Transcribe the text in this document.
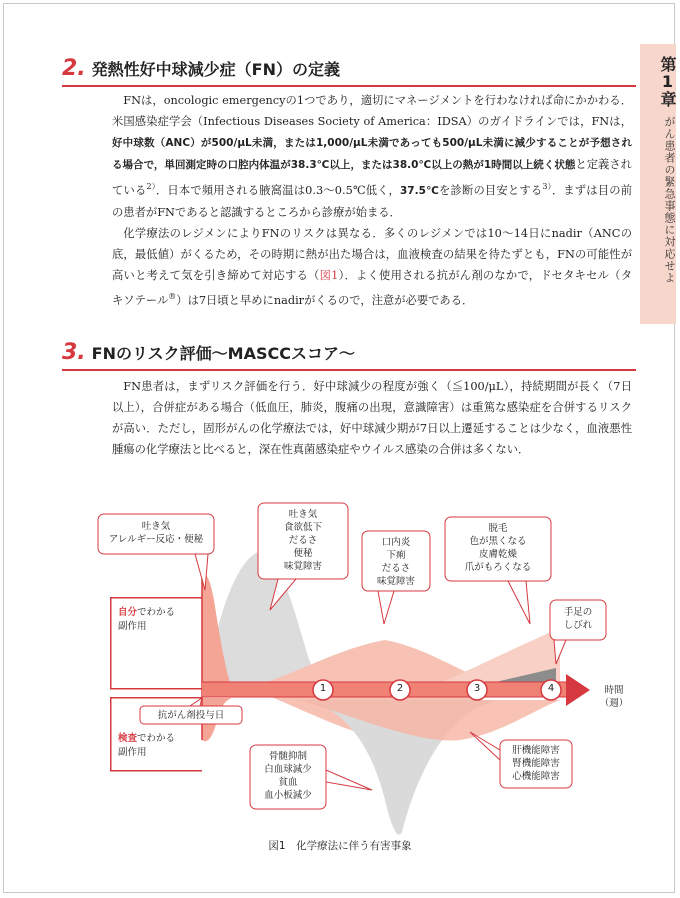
第1章
がん患者の緊急事態に対応せよ
2. 発熱性好中球減少症（FN）の定義

FNは，oncologic emergencyの1つであり，適切にマネージメントを行わなければ命にかかわる．米国感染症学会（Infectious Diseases Society of America：IDSA）のガイドラインでは，FNは，好中球数（ANC）が500/μL未満，または1,000/μL未満であっても500/μL未満に減少することが予想される場合で，単回測定時の口腔内体温が38.3℃以上，または38.0℃以上の熱が1時間以上続く状態と定義されている$^{2)}$．日本で頻用される腋窩温は0.3〜0.5℃低く，37.5℃を診断の目安とする$^{3)}$．まずは目の前の患者がFNであると認識するところから診療が始まる．

化学療法のレジメンによりFNのリスクは異なる．多くのレジメンでは10〜14日にnadir（ANCの底，最低値）がくるため，その時期に熱が出た場合は，血液検査の結果を待たずとも，FNの可能性が高いと考えて気を引き締めて対応する（図1）．よく使用される抗がん剤のなかで，ドセタキセル（タキソテール®）は7日頃と早めにnadirがくるので，注意が必要である．

3. FNのリスク評価〜MASCCスコア〜

FN患者は，まずリスク評価を行う．好中球減少の程度が強く（≦100/μL），持続期間が長く（7日以上），合併症がある場合（低血圧，肺炎，腹痛の出現，意識障害）は重篤な感染症を合併するリスクが高い．ただし，固形がんの化学療法では，好中球減少期が7日以上遷延することは少なく，血液悪性腫瘍の化学療法と比べると，深在性真菌感染症やウイルス感染の合併は多くない．

吐き気
アレルギー反応・便秘
吐き気
食欲低下
だるさ
便秘
味覚障害
口内炎
下痢
だるさ
味覚障害
脱毛
色が黒くなる
皮膚乾燥
爪がもろくなる
手足の
しびれ
肝機能障害
腎機能障害
心機能障害
骨髄抑制
白血球減少
貧血
血小板減少
抗がん剤投与日
自分でわかる
副作用
検査でわかる
副作用
1	2	3	4	時間
（週）
図1　化学療法に伴う有害事象
